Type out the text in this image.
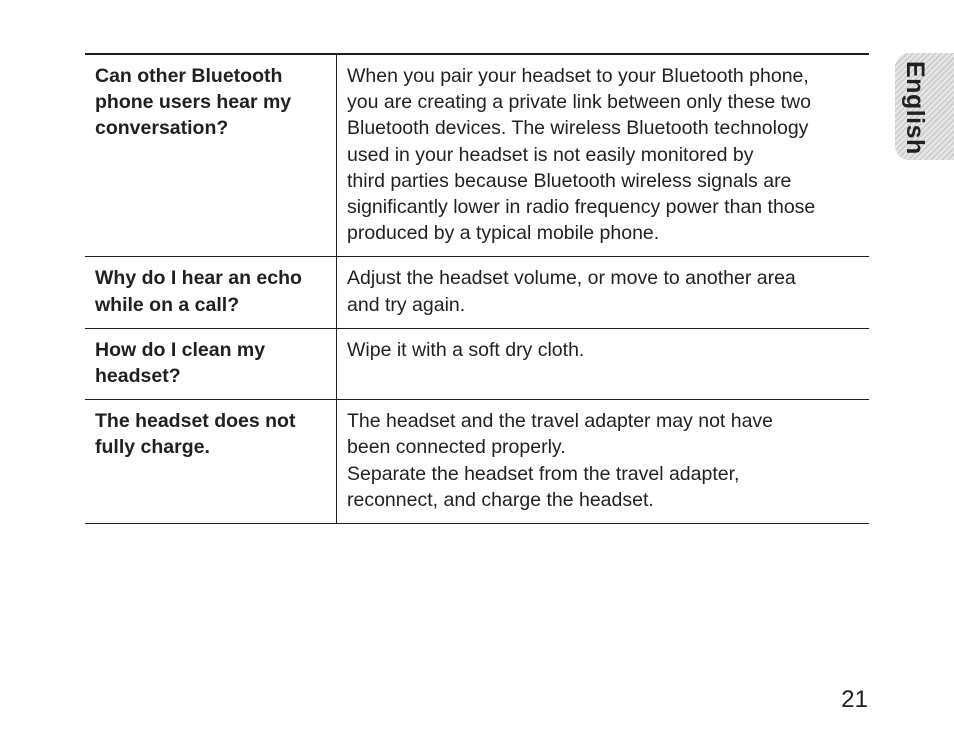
Can other Bluetooth
phone users hear my
conversation?
When you pair your headset to your Bluetooth phone,
you are creating a private link between only these two
Bluetooth devices. The wireless Bluetooth technology
used in your headset is not easily monitored by
third parties because Bluetooth wireless signals are
significantly lower in radio frequency power than those
produced by a typical mobile phone.
Why do I hear an echo
while on a call?
Adjust the headset volume, or move to another area
and try again.
How do I clean my
headset?
Wipe it with a soft dry cloth.
The headset does not
fully charge.
The headset and the travel adapter may not have
been connected properly.
Separate the headset from the travel adapter,
reconnect, and charge the headset.
English
21
